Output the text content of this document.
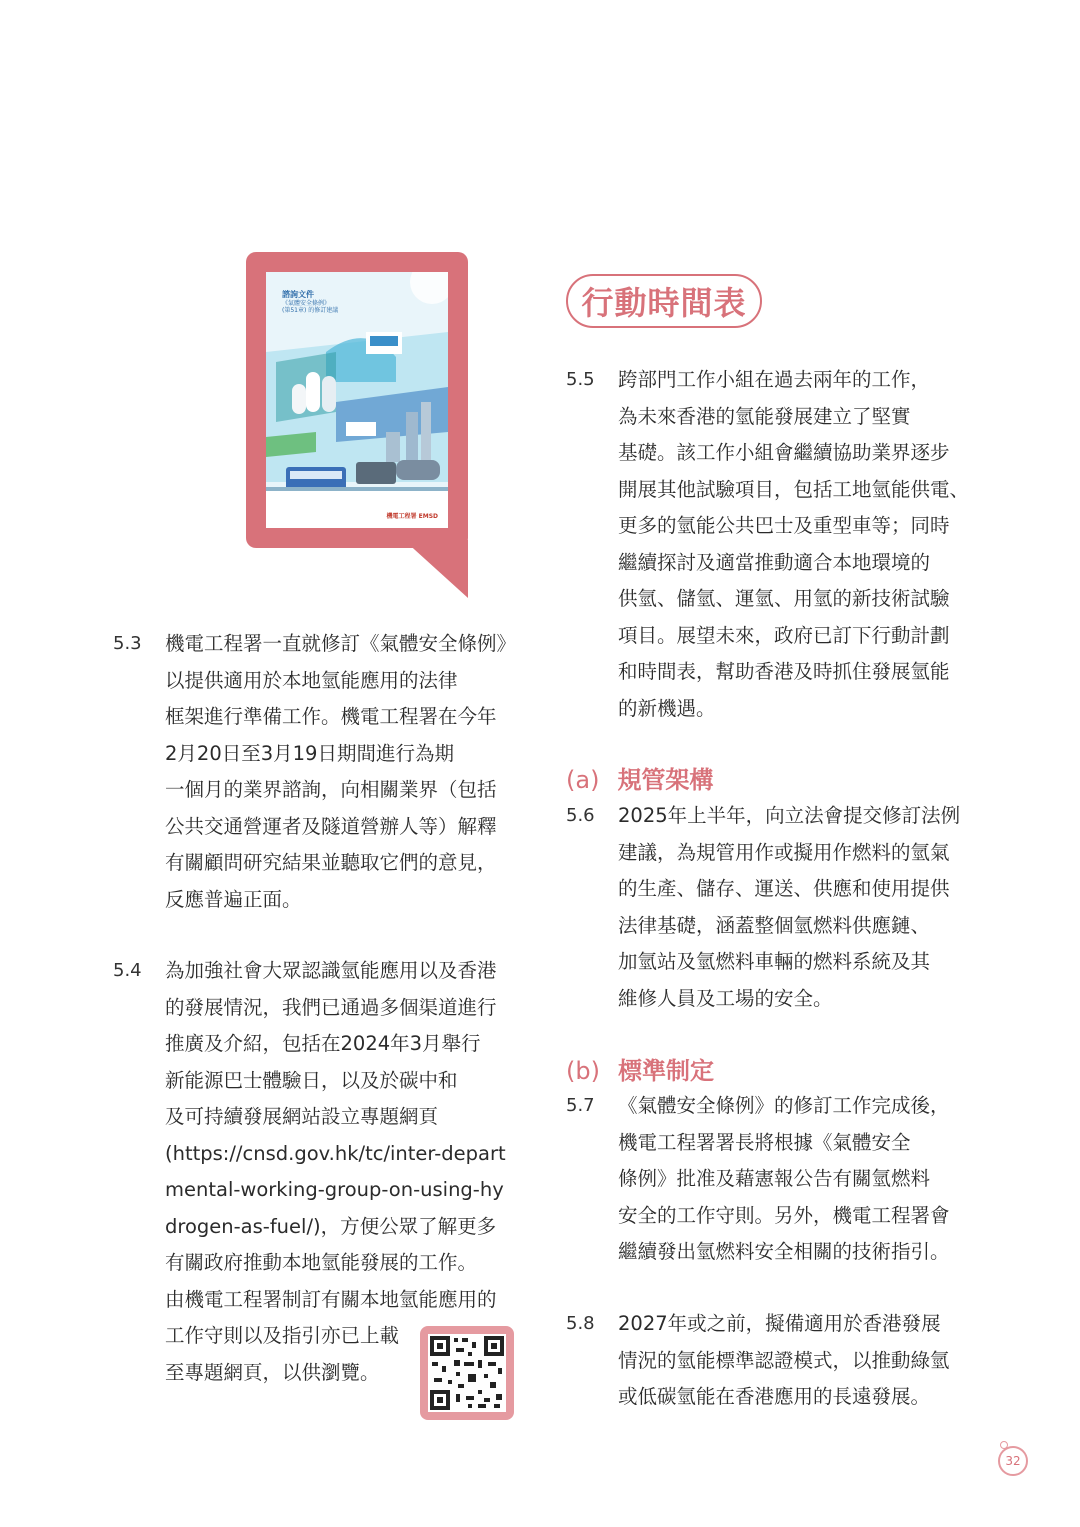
諮詢文件
《氣體安全條例》
(第51章) 的修訂建議
機電工程署 EMSD
行動時間表
5.3	機電工程署一直就修訂《氣體安全條例》
以提供適用於本地氫能應用的法律
框架進行準備工作。機電工程署在今年
2月20日至3月19日期間進行為期
一個月的業界諮詢，向相關業界（包括
公共交通營運者及隧道營辦人等）解釋
有關顧問研究結果並聽取它們的意見，
反應普遍正面。
5.4	為加強社會大眾認識氫能應用以及香港
的發展情況，我們已通過多個渠道進行
推廣及介紹，包括在2024年3月舉行
新能源巴士體驗日，以及於碳中和
及可持續發展網站設立專題網頁
(https://cnsd.gov.hk/tc/inter-depart
mental-working-group-on-using-hy
drogen-as-fuel/)，方便公眾了解更多
有關政府推動本地氫能發展的工作。
由機電工程署制訂有關本地氫能應用的
工作守則以及指引亦已上載
至專題網頁，以供瀏覽。
5.5	跨部門工作小組在過去兩年的工作，
為未來香港的氫能發展建立了堅實
基礎。該工作小組會繼續協助業界逐步
開展其他試驗項目，包括工地氫能供電、
更多的氫能公共巴士及重型車等；同時
繼續探討及適當推動適合本地環境的
供氫、儲氫、運氫、用氫的新技術試驗
項目。展望未來，政府已訂下行動計劃
和時間表，幫助香港及時抓住發展氫能
的新機遇。
(a) 規管架構
5.6	2025年上半年，向立法會提交修訂法例
建議，為規管用作或擬用作燃料的氫氣
的生產、儲存、運送、供應和使用提供
法律基礎，涵蓋整個氫燃料供應鏈、
加氫站及氫燃料車輛的燃料系統及其
維修人員及工場的安全。
(b) 標準制定
5.7	《氣體安全條例》的修訂工作完成後，
機電工程署署長將根據《氣體安全
條例》批准及藉憲報公告有關氫燃料
安全的工作守則。另外，機電工程署會
繼續發出氫燃料安全相關的技術指引。
5.8	2027年或之前，擬備適用於香港發展
情況的氫能標準認證模式，以推動綠氫
或低碳氫能在香港應用的長遠發展。
32
